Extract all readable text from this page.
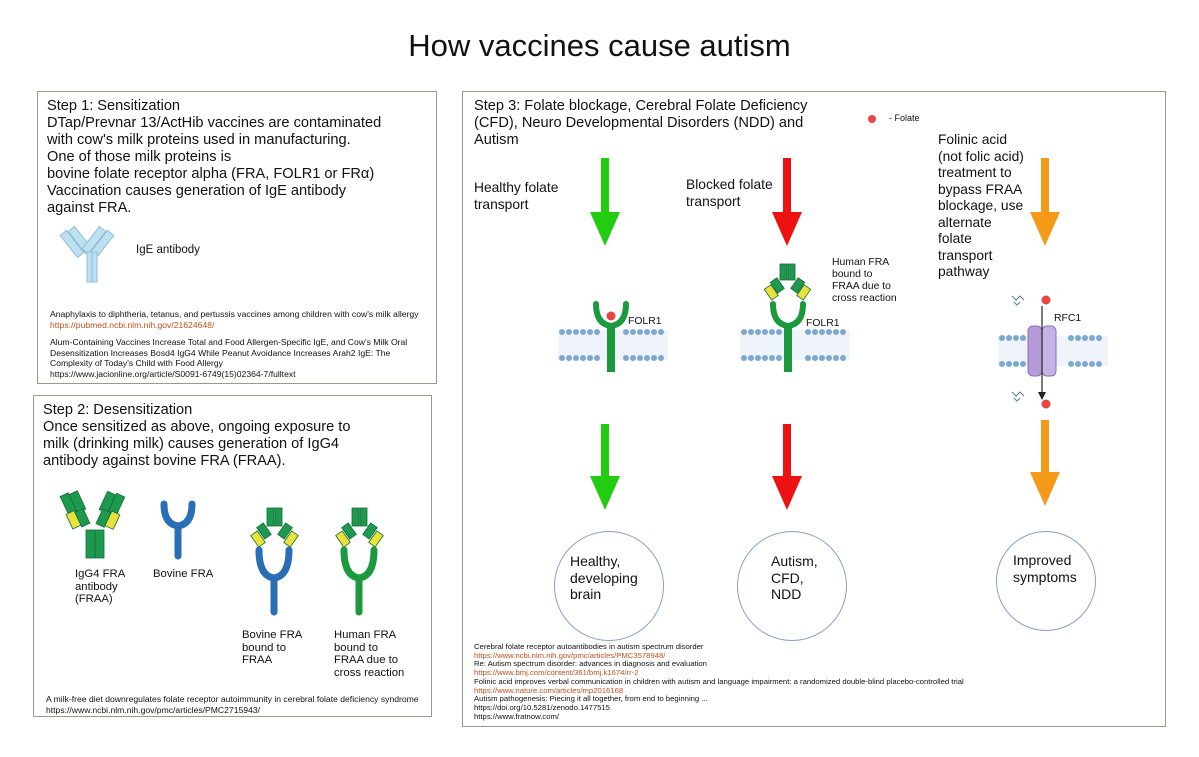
How vaccines cause autism
Step 1: Sensitization
DTap/Prevnar 13/ActHib vaccines are contaminated
with cow's milk proteins used in manufacturing.
One of those milk proteins is
bovine folate receptor alpha (FRA, FOLR1 or FRα)
Vaccination causes generation of IgE antibody
against FRA.
IgE antibody
Anaphylaxis to diphtheria, tetanus, and pertussis vaccines among children with cow's milk allergy
https://pubmed.ncbi.nlm.nih.gov/21624648/
Alum-Containing Vaccines Increase Total and Food Allergen-Specific IgE, and Cow's Milk Oral
Desensitization Increases Bosd4 IgG4 While Peanut Avoidance Increases Arah2 IgE: The
Complexity of Today's Child with Food Allergy
https://www.jacionline.org/article/S0091-6749(15)02364-7/fulltext
Step 2: Desensitization
Once sensitized as above, ongoing exposure to
milk (drinking milk) causes generation of IgG4
antibody against bovine FRA (FRAA).
IgG4 FRA
antibody
(FRAA)
Bovine FRA
Bovine FRA
bound to
FRAA
Human FRA
bound to
FRAA due to
cross reaction
A milk-free diet downregulates folate receptor autoimmunity in cerebral folate deficiency syndrome
https://www.ncbi.nlm.nih.gov/pmc/articles/PMC2715943/
Step 3: Folate blockage, Cerebral Folate Deficiency
(CFD), Neuro Developmental Disorders (NDD) and
Autism
- Folate
Healthy folate
transport
Blocked folate
transport
Folinic acid
(not folic acid)
treatment to
bypass FRAA
blockage, use
alternate
folate
transport
pathway
FOLR1	FOLR1
Human FRA
bound to
FRAA due to
cross reaction
RFC1
Healthy,
developing
brain
Autism,
CFD,
NDD
Improved
symptoms
Cerebral folate receptor autoantibodies in autism spectrum disorder
https://www.ncbi.nlm.nih.gov/pmc/articles/PMC3578948/
Re: Autism spectrum disorder: advances in diagnosis and evaluation
https://www.bmj.com/content/361/bmj.k1674/rr-2
Folinic acid improves verbal communication in children with autism and language impairment: a randomized double-blind placebo-controlled trial
https://www.nature.com/articles/mp2016168
Autism pathogenesis: Piecing it all together, from end to beginning ...
https://doi.org/10.5281/zenodo.1477515
https://www.fratnow.com/
